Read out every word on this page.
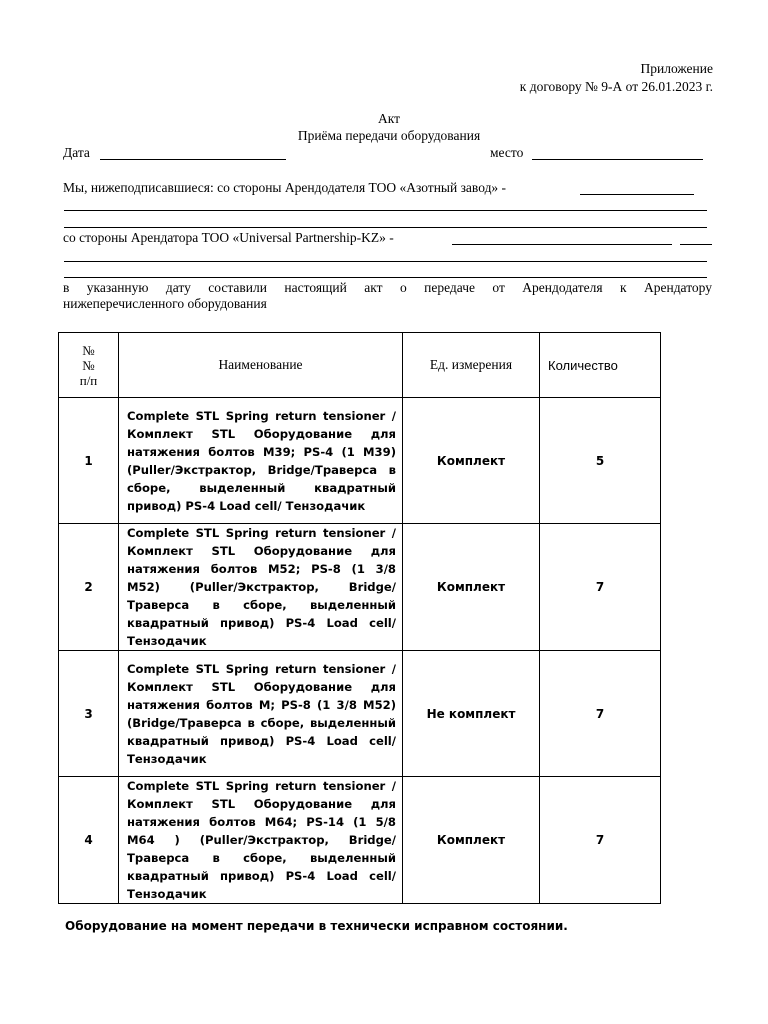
Приложение
к договору № 9-А от 26.01.2023 г.
Акт
Приёма передачи оборудования
Дата	место
Мы, нижеподписавшиеся: со стороны Арендодателя ТОО «Азотный завод» -
со стороны Арендатора ТОО «Universal Partnership-KZ» -
в указанную дату составили настоящий акт о передаче от Арендодателя к Арендатору
нижеперечисленного оборудования
№
№
п/п	Наименование	Ед. измерения	Количество
1	Complete STL Spring return tensioner / Комплект STL Оборудование для натяжения болтов M39; PS-4 (1 M39) (Puller/Экстрактор, Bridge/Траверса в сборе, выделенный квадратный привод) PS-4 Load cell/ Тензодачик	Комплект	5
2	Complete STL Spring return tensioner / Комплект STL Оборудование для натяжения болтов M52; PS-8 (1 3/8 M52) (Puller/Экстрактор, Bridge/Траверса в сборе, выделенный квадратный привод) PS-4 Load cell/ Тензодачик	Комплект	7
3	Complete STL Spring return tensioner / Комплект STL Оборудование для натяжения болтов M; PS-8 (1 3/8 M52) (Bridge/Траверса в сборе, выделенный квадратный привод) PS-4 Load cell/ Тензодачик	Не комплект	7
4	Complete STL Spring return tensioner / Комплект STL Оборудование для натяжения болтов M64; PS-14 (1 5/8 M64 ) (Puller/Экстрактор, Bridge/Траверса в сборе, выделенный квадратный привод) PS-4 Load cell/ Тензодачик	Комплект	7
Оборудование на момент передачи в технически исправном состоянии.
